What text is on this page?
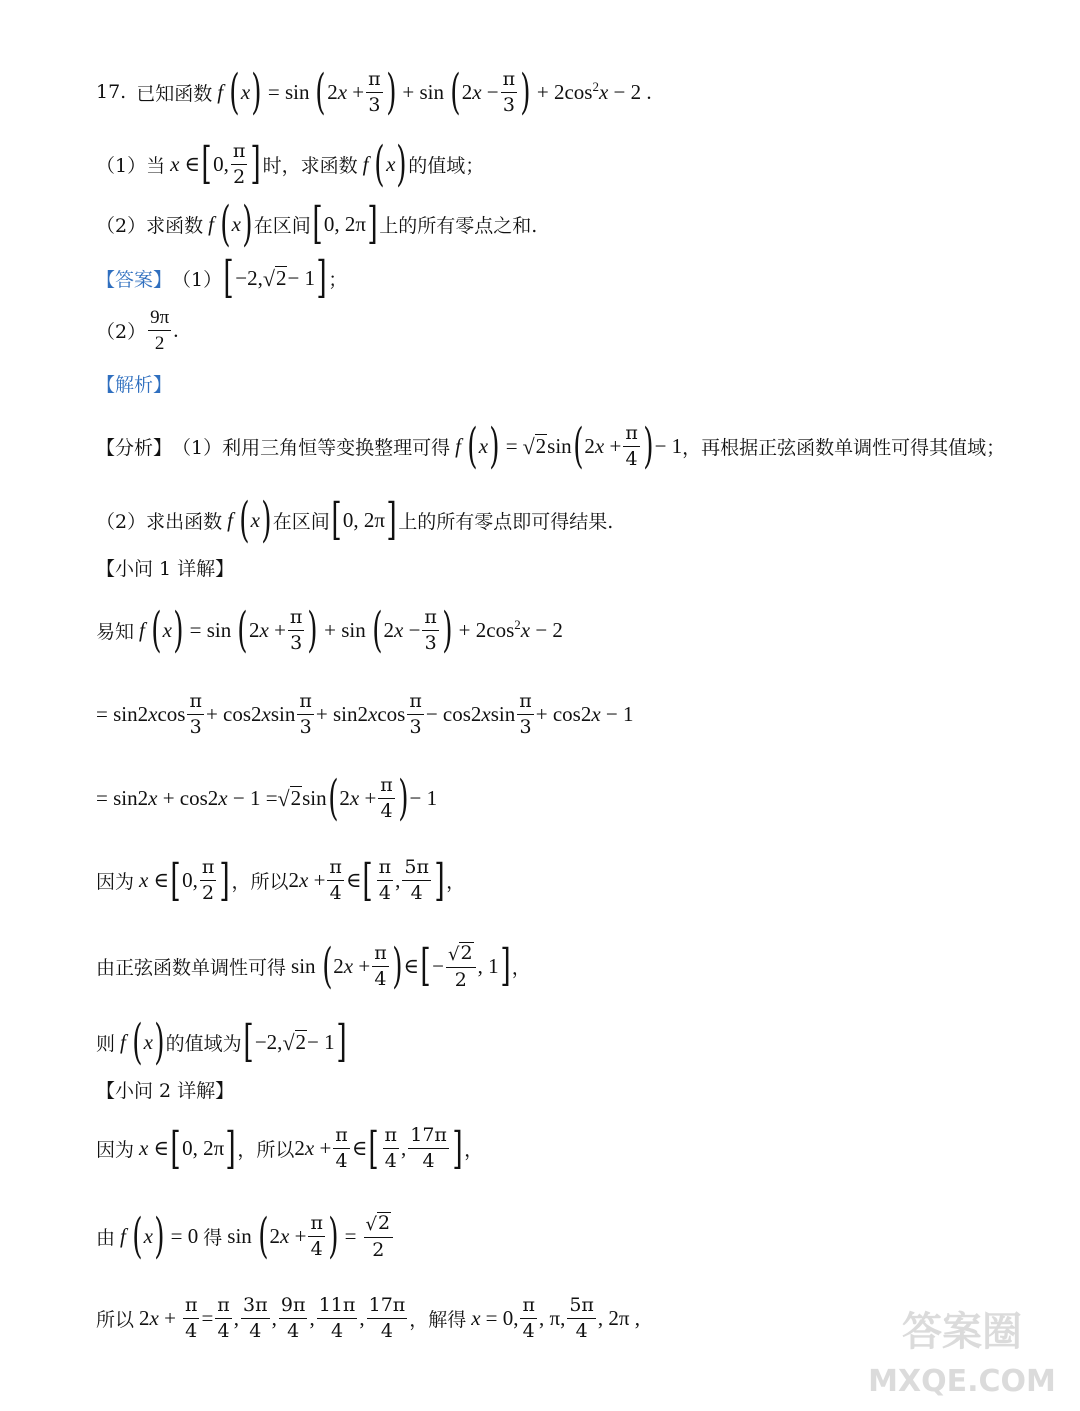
17. 已知函数 f ( x ) = sin ( $2x + \frac{\pi}{3}$ ) + sin ( $2x - \frac{\pi}{3}$ ) + $2\cos^2x - 2$ .
（1）当 x ∈ [ 0, $\frac{\pi}{2}$ ] 时，求函数 f ( x ) 的值域；
（2）求函数 f ( x ) 在区间 [ 0, 2π ] 上的所有零点之和.
【答案】 （1） [ −2, √ 2 − 1 ] ；
$(2) \frac{9\pi}{2}$ .
【解析】
【分析】 （1）利用三角恒等变换整理可得 f ( x ) = √ 2 sin ( $2x + \frac{\pi}{4}$ ) − 1 ，再根据正弦函数单调性可得其值域；
（2）求出函数 f ( x ) 在区间 [ 0, 2π ] 上的所有零点即可得结果.
【小问 1 详解】
易知 f ( x ) = sin ( $2x + \frac{\pi}{3}$ ) + sin ( $2x - \frac{\pi}{3}$ ) + $2\cos^2x - 2$
= $\sin 2xcos \frac{\pi}{3} + \cos 2xsin \frac{\pi}{3} + \sin 2xcos \frac{\pi}{3} - \cos 2xsin \frac{\pi}{3} + \cos 2x - 1$
= sin2x + cos2x − 1 = √ 2 sin ( $2x + \frac{\pi}{4}$ ) − 1
因为 x ∈ [ 0, $\frac{\pi}{2}$ ] ，所以 $2x + \frac{\pi}{4}$ ∈ [ $\frac{\pi}{4}$ , $\frac{5\pi}{4}$ ] ，
由正弦函数单调性可得 sin ( $2x + \frac{\pi}{4}$ ) ∈ [ − $\frac{√ 2}{2}$ , 1 ] ，
则 f ( x ) 的值域为 [ −2, √ 2 − 1 ]
【小问 2 详解】
因为 x ∈ [ 0, 2π ] ，所以 $2x + \frac{\pi}{4}$ ∈ [ $\frac{\pi}{4}$ , $\frac{17\pi}{4}$ ] ，
由 f ( x ) = 0 得 sin ( $2x + \frac{\pi}{4}$ ) = $\frac{√ 2}{2}$
所以 $2x + \frac{\pi}{4} = \frac{\pi}{4}$ , $\frac{3\pi}{4}$ , $\frac{9\pi}{4}$ , $\frac{11\pi}{4}$ , $\frac{17\pi}{4}$ ，解得 x = 0, $\frac{\pi}{4}$ , π, $\frac{5\pi}{4}$ , 2π ,	答案圈
MXQE.COM
